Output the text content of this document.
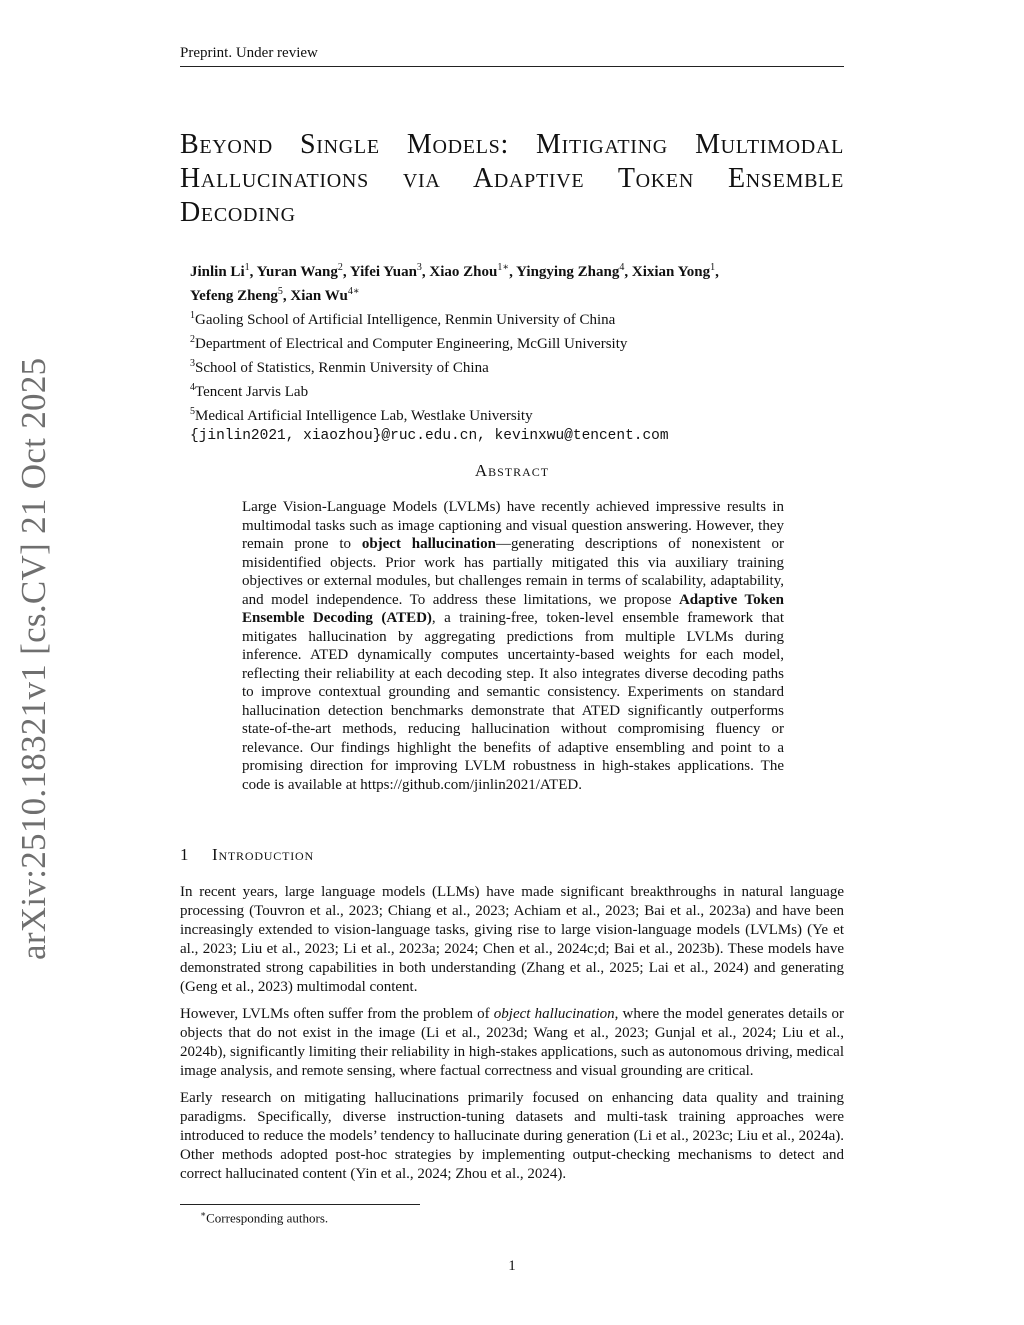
Preprint. Under review
arXiv:2510.18321v1 [cs.CV] 21 Oct 2025
Beyond Single Models: Mitigating Multimodal Hallucinations via Adaptive Token Ensemble Decoding
Jinlin Li$^1$, Yuran Wang$^2$, Yifei Yuan$^3$, Xiao Zhou$^{1∗}$, Yingying Zhang$^4$, Xixian Yong$^1$,
Yefeng Zheng$^5$, Xian $Wu^{4∗}$
$^1$Gaoling School of Artificial Intelligence, Renmin University of China
$^2$Department of Electrical and Computer Engineering, McGill University
$^3$School of Statistics, Renmin University of China
$^4$Tencent Jarvis Lab
$^5$Medical Artificial Intelligence Lab, Westlake University
{jinlin2021, xiaozhou}@ruc.edu.cn, kevinxwu@tencent.com
Abstract
Large Vision-Language Models (LVLMs) have recently achieved impressive results in multimodal tasks such as image captioning and visual question answering. However, they remain prone to object hallucination—generating descriptions of nonexistent or misidentified objects. Prior work has partially mitigated this via auxiliary training objectives or external modules, but challenges remain in terms of scalability, adaptability, and model independence. To address these limitations, we propose Adaptive Token Ensemble Decoding (ATED), a training-free, token-level ensemble framework that mitigates hallucination by aggregating predictions from multiple LVLMs during inference. ATED dynamically computes uncertainty-based weights for each model, reflecting their reliability at each decoding step. It also integrates diverse decoding paths to improve contextual grounding and semantic consistency. Experiments on standard hallucination detection benchmarks demonstrate that ATED significantly outperforms state-of-the-art methods, reducing hallucination without compromising fluency or relevance. Our findings highlight the benefits of adaptive ensembling and point to a promising direction for improving LVLM robustness in high-stakes applications. The code is available at https://github.com/jinlin2021/ATED.
1 Introduction

In recent years, large language models (LLMs) have made significant breakthroughs in natural language processing (Touvron et al., 2023; Chiang et al., 2023; Achiam et al., 2023; Bai et al., 2023a) and have been increasingly extended to vision-language tasks, giving rise to large vision-language models (LVLMs) (Ye et al., 2023; Liu et al., 2023; Li et al., 2023a; 2024; Chen et al., 2024c;d; Bai et al., 2023b). These models have demonstrated strong capabilities in both understanding (Zhang et al., 2025; Lai et al., 2024) and generating (Geng et al., 2023) multimodal content.

However, LVLMs often suffer from the problem of object hallucination, where the model generates details or objects that do not exist in the image (Li et al., 2023d; Wang et al., 2023; Gunjal et al., 2024; Liu et al., 2024b), significantly limiting their reliability in high-stakes applications, such as autonomous driving, medical image analysis, and remote sensing, where factual correctness and visual grounding are critical.

Early research on mitigating hallucinations primarily focused on enhancing data quality and training paradigms. Specifically, diverse instruction-tuning datasets and multi-task training approaches were introduced to reduce the models’ tendency to hallucinate during generation (Li et al., 2023c; Liu et al., 2024a). Other methods adopted post-hoc strategies by implementing output-checking mechanisms to detect and correct hallucinated content (Yin et al., 2024; Zhou et al., 2024).

∗Corresponding authors.
1
